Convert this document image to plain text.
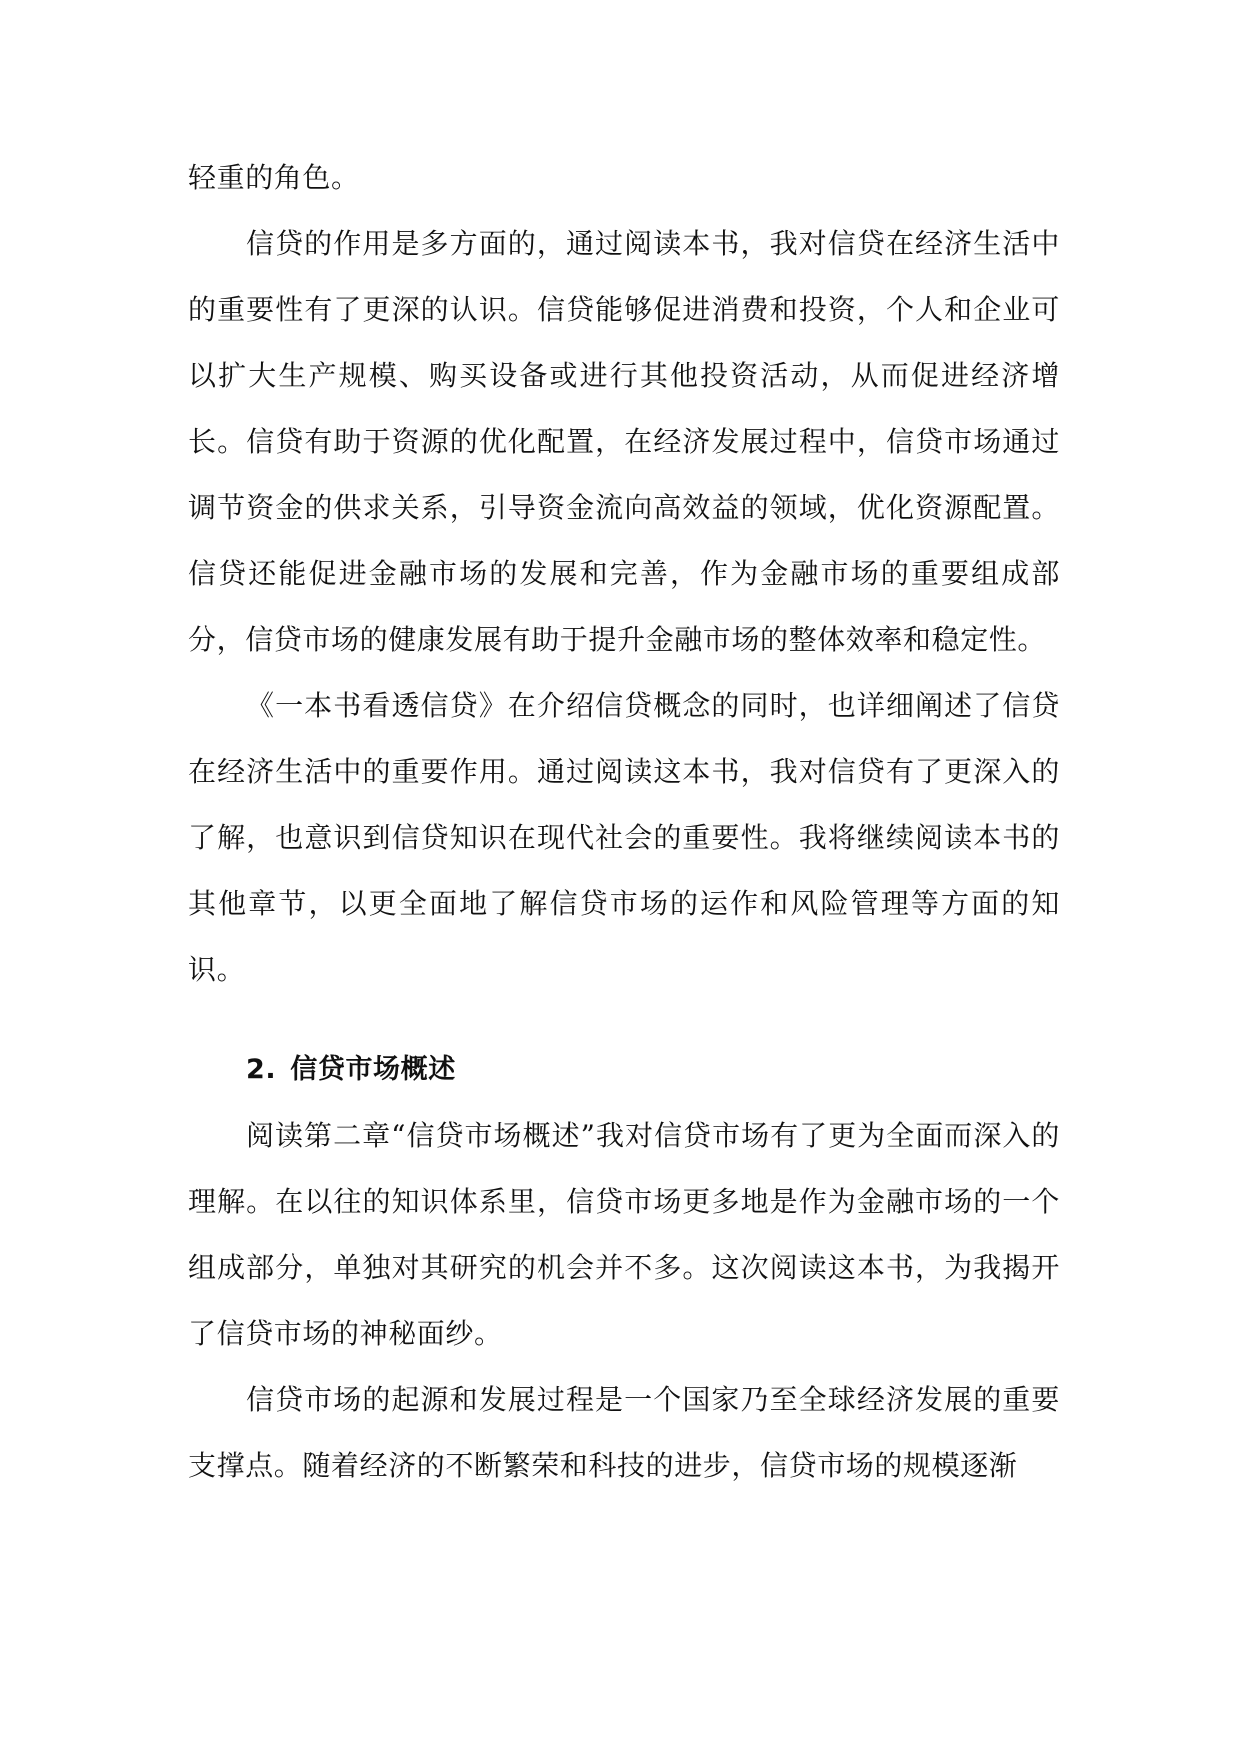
轻重的角色。

信贷的作用是多方面的，通过阅读本书，我对信贷在经济生活中的重要性有了更深的认识。信贷能够促进消费和投资，个人和企业可以扩大生产规模、购买设备或进行其他投资活动，从而促进经济增长。信贷有助于资源的优化配置，在经济发展过程中，信贷市场通过调节资金的供求关系，引导资金流向高效益的领域，优化资源配置。信贷还能促进金融市场的发展和完善，作为金融市场的重要组成部分，信贷市场的健康发展有助于提升金融市场的整体效率和稳定性。

《一本书看透信贷》在介绍信贷概念的同时，也详细阐述了信贷在经济生活中的重要作用。通过阅读这本书，我对信贷有了更深入的了解，也意识到信贷知识在现代社会的重要性。我将继续阅读本书的其他章节，以更全面地了解信贷市场的运作和风险管理等方面的知识。

2. 信贷市场概述

阅读第二章“信贷市场概述”我对信贷市场有了更为全面而深入的理解。在以往的知识体系里，信贷市场更多地是作为金融市场的一个组成部分，单独对其研究的机会并不多。这次阅读这本书，为我揭开了信贷市场的神秘面纱。

信贷市场的起源和发展过程是一个国家乃至全球经济发展的重要支撑点。随着经济的不断繁荣和科技的进步，信贷市场的规模逐渐
